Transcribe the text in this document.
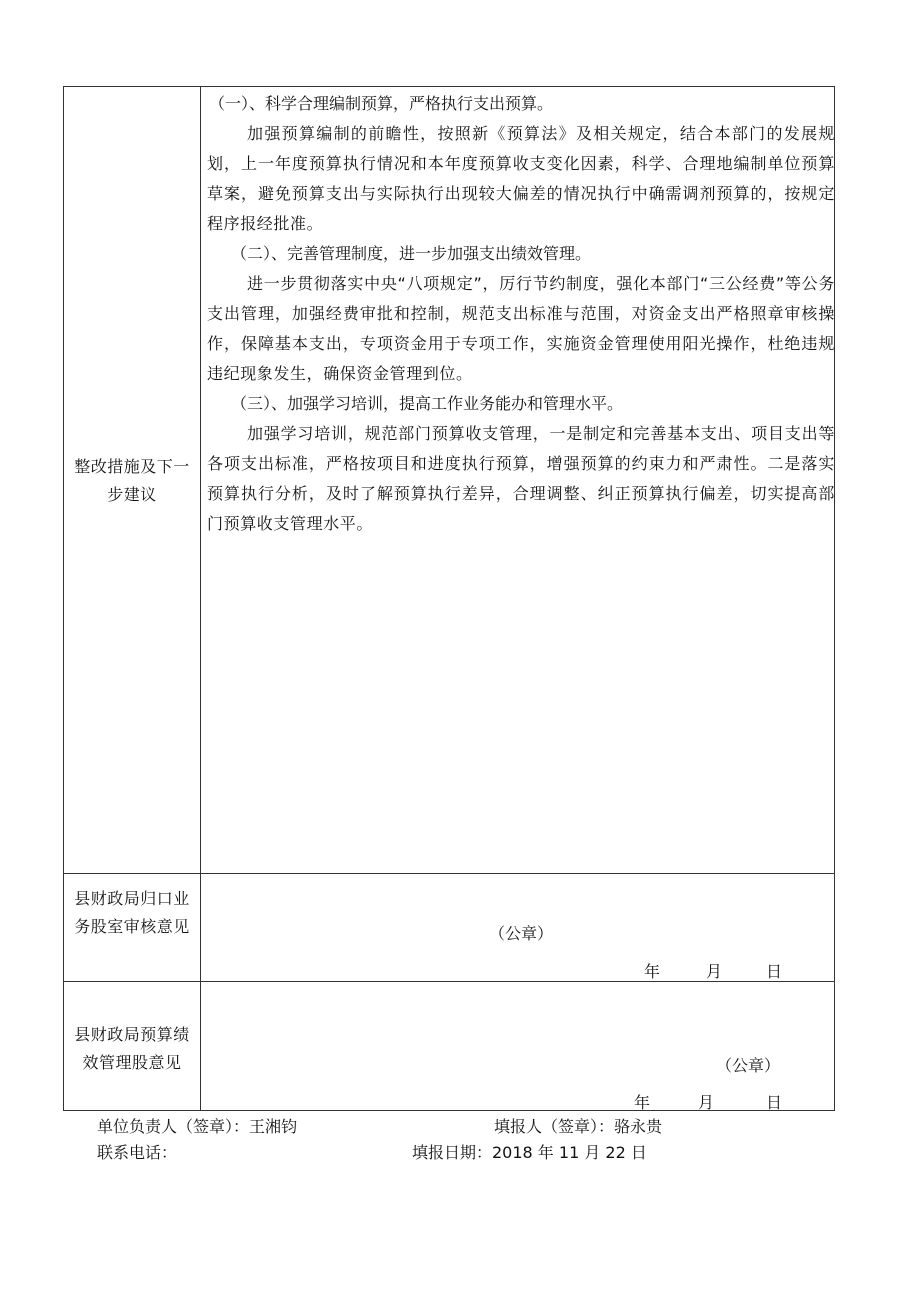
整改措施及下一步建议

（一）、科学合理编制预算，严格执行支出预算。

加强预算编制的前瞻性，按照新《预算法》及相关规定，结合本部门的发展规划，上一年度预算执行情况和本年度预算收支变化因素，科学、合理地编制单位预算草案，避免预算支出与实际执行出现较大偏差的情况执行中确需调剂预算的，按规定程序报经批准。

（二）、完善管理制度，进一步加强支出绩效管理。

进一步贯彻落实中央“八项规定”，厉行节约制度，强化本部门“三公经费”等公务支出管理，加强经费审批和控制，规范支出标准与范围，对资金支出严格照章审核操作，保障基本支出，专项资金用于专项工作，实施资金管理使用阳光操作，杜绝违规违纪现象发生，确保资金管理到位。

（三）、加强学习培训，提高工作业务能办和管理水平。

加强学习培训，规范部门预算收支管理，一是制定和完善基本支出、项目支出等各项支出标准，严格按项目和进度执行预算，增强预算的约束力和严肃性。二是落实预算执行分析，及时了解预算执行差异，合理调整、纠正预算执行偏差，切实提高部门预算收支管理水平。

县财政局归口业务股室审核意见	（公章）
年	月	日
县财政局预算绩效管理股意见	（公章）
年	月	日
单位负责人（签章）：王湘钧	填报人（签章）：骆永贵
联系电话：	填报日期：2018 年 11 月 22 日
